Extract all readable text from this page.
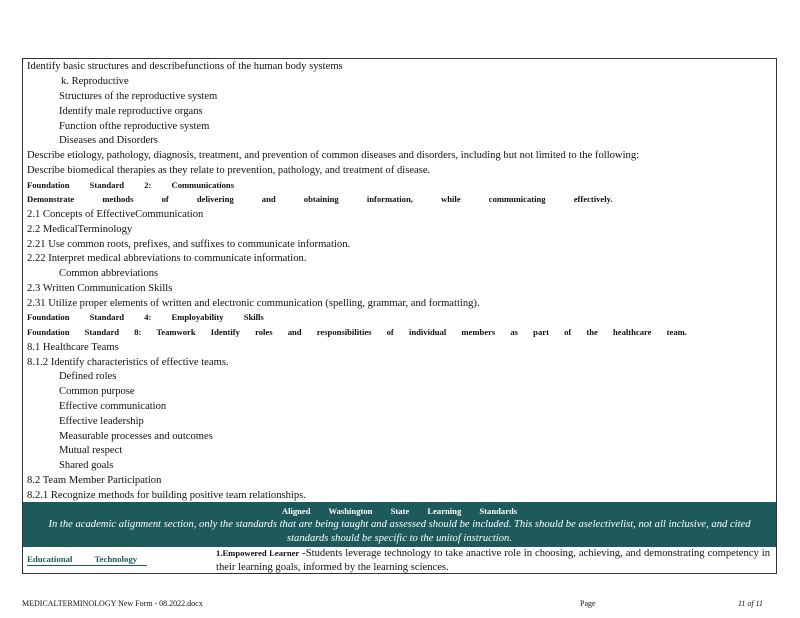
Identify basic structures and describefunctions of the human body systems
k. Reproductive
Structures of the reproductive system
Identify male reproductive organs
Function ofthe reproductive system
Diseases and Disorders
Describe etiology, pathology, diagnosis, treatment, and prevention of common diseases and disorders, including but not limited to the following:
Describe biomedical therapies as they relate to prevention, pathology, and treatment of disease.
Foundation Standard 2: Communications
Demonstrate methods of delivering and obtaining information, while communicating effectively.
2.1 Concepts of EffectiveCommunication
2.2 MedicalTerminology
2.21 Use common roots, prefixes, and suffixes to communicate information.
2.22 Interpret medical abbreviations to communicate information.
Common abbreviations
2.3 Written Communication Skills
2.31 Utilize proper elements of written and electronic communication (spelling, grammar, and formatting).
Foundation Standard 4: Employability Skills
Foundation Standard 8: Teamwork Identify roles and responsibilities of individual members as part of the healthcare team.
8.1 Healthcare Teams
8.1.2 Identify characteristics of effective teams.
Defined roles
Common purpose
Effective communication
Effective leadership
Measurable processes and outcomes
Mutual respect
Shared goals
8.2 Team Member Participation
8.2.1 Recognize methods for building positive team relationships.
Aligned Washington State Learning Standards
In the academic alignment section, only the standards that are being taught and assessed should be included. This should be aselectivelist, not all inclusive, and cited standards should be specific to the unitof instruction.
Educational Technology
1.Empowered Learner -Students leverage technology to take anactive role in choosing, achieving, and demonstrating competency in their learning goals, informed by the learning sciences.
MEDICALTERMINOLOGY New Form - 08.2022.docx	Page	11 of 11
